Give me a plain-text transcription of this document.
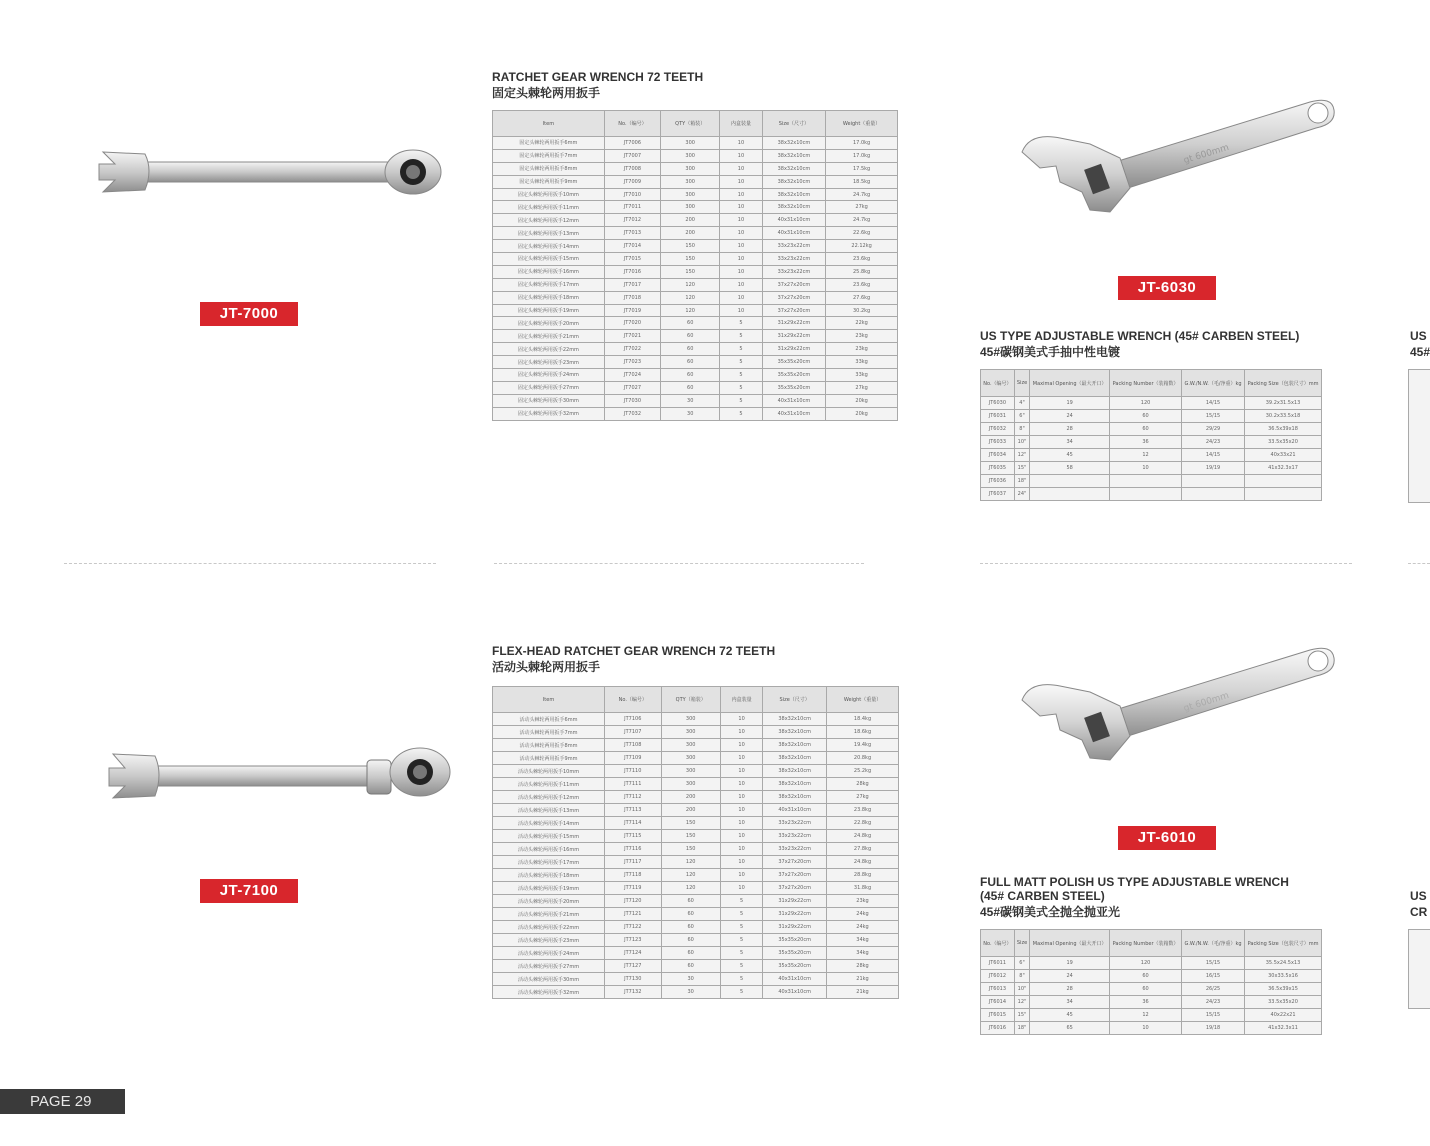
JT-7000
RATCHET GEAR WRENCH 72 TEETH
固定头棘轮两用扳手
Item	No.（编号）	QTY（箱装）	内盒装量	Size（尺寸）	Weight（重量）
固定头棘轮两用扳手6mm	JT7006	300	10	38x32x10cm	17.0kg
固定头棘轮两用扳手7mm	JT7007	300	10	38x32x10cm	17.0kg
固定头棘轮两用扳手8mm	JT7008	300	10	38x32x10cm	17.5kg
固定头棘轮两用扳手9mm	JT7009	300	10	38x32x10cm	18.5kg
固定头棘轮两用扳手10mm	JT7010	300	10	38x32x10cm	24.7kg
固定头棘轮两用扳手11mm	JT7011	300	10	38x32x10cm	27kg
固定头棘轮两用扳手12mm	JT7012	200	10	40x31x10cm	24.7kg
固定头棘轮两用扳手13mm	JT7013	200	10	40x31x10cm	22.6kg
固定头棘轮两用扳手14mm	JT7014	150	10	33x23x22cm	22.12kg
固定头棘轮两用扳手15mm	JT7015	150	10	33x23x22cm	23.6kg
固定头棘轮两用扳手16mm	JT7016	150	10	33x23x22cm	25.8kg
固定头棘轮两用扳手17mm	JT7017	120	10	37x27x20cm	23.6kg
固定头棘轮两用扳手18mm	JT7018	120	10	37x27x20cm	27.6kg
固定头棘轮两用扳手19mm	JT7019	120	10	37x27x20cm	30.2kg
固定头棘轮两用扳手20mm	JT7020	60	5	31x29x22cm	22kg
固定头棘轮两用扳手21mm	JT7021	60	5	31x29x22cm	23kg
固定头棘轮两用扳手22mm	JT7022	60	5	31x29x22cm	23kg
固定头棘轮两用扳手23mm	JT7023	60	5	35x35x20cm	33kg
固定头棘轮两用扳手24mm	JT7024	60	5	35x35x20cm	33kg
固定头棘轮两用扳手27mm	JT7027	60	5	35x35x20cm	27kg
固定头棘轮两用扳手30mm	JT7030	30	5	40x31x10cm	20kg
固定头棘轮两用扳手32mm	JT7032	30	5	40x31x10cm	20kg
gt 600mm
JT-6030
US TYPE ADJUSTABLE WRENCH (45# CARBEN STEEL)
45#碳钢美式手抽中性电镀
No.（编号）	Size	Maximal Opening（最大开口）	Packing Number（装箱数）	G.W./N.W.（毛/净重）kg	Packing Size（包装尺寸）mm
JT6030	4"	19	120	14/15	39.2x31.5x13
JT6031	6"	24	60	15/15	30.2x33.5x18
JT6032	8"	28	60	29/29	36.5x39x18
JT6033	10"	34	36	24/23	33.5x35x20
JT6034	12"	45	12	14/15	40x33x21
JT6035	15"	58	10	19/19	41x32.3x17
JT6036	18"				
JT6037	24"				
US
45#
JT-7100
FLEX-HEAD RATCHET GEAR WRENCH 72 TEETH
活动头棘轮两用扳手
Item	No.（编号）	QTY（箱装）	内盒装量	Size（尺寸）	Weight（重量）
活动头棘轮两用扳手6mm	JT7106	300	10	38x32x10cm	18.4kg
活动头棘轮两用扳手7mm	JT7107	300	10	38x32x10cm	18.6kg
活动头棘轮两用扳手8mm	JT7108	300	10	38x32x10cm	19.4kg
活动头棘轮两用扳手9mm	JT7109	300	10	38x32x10cm	20.8kg
活动头棘轮两用扳手10mm	JT7110	300	10	38x32x10cm	25.2kg
活动头棘轮两用扳手11mm	JT7111	300	10	38x32x10cm	28kg
活动头棘轮两用扳手12mm	JT7112	200	10	38x32x10cm	27kg
活动头棘轮两用扳手13mm	JT7113	200	10	40x31x10cm	23.8kg
活动头棘轮两用扳手14mm	JT7114	150	10	33x23x22cm	22.8kg
活动头棘轮两用扳手15mm	JT7115	150	10	33x23x22cm	24.8kg
活动头棘轮两用扳手16mm	JT7116	150	10	33x23x22cm	27.8kg
活动头棘轮两用扳手17mm	JT7117	120	10	37x27x20cm	24.8kg
活动头棘轮两用扳手18mm	JT7118	120	10	37x27x20cm	28.8kg
活动头棘轮两用扳手19mm	JT7119	120	10	37x27x20cm	31.8kg
活动头棘轮两用扳手20mm	JT7120	60	5	31x29x22cm	23kg
活动头棘轮两用扳手21mm	JT7121	60	5	31x29x22cm	24kg
活动头棘轮两用扳手22mm	JT7122	60	5	31x29x22cm	24kg
活动头棘轮两用扳手23mm	JT7123	60	5	35x35x20cm	34kg
活动头棘轮两用扳手24mm	JT7124	60	5	35x35x20cm	34kg
活动头棘轮两用扳手27mm	JT7127	60	5	35x35x20cm	28kg
活动头棘轮两用扳手30mm	JT7130	30	5	40x31x10cm	21kg
活动头棘轮两用扳手32mm	JT7132	30	5	40x31x10cm	21kg
gt 600mm
JT-6010
FULL MATT POLISH US TYPE ADJUSTABLE WRENCH
(45# CARBEN STEEL)
45#碳钢美式全抛全抛亚光
No.（编号）	Size	Maximal Opening（最大开口）	Packing Number（装箱数）	G.W./N.W.（毛/净重）kg	Packing Size（包装尺寸）mm
JT6011	6"	19	120	15/15	35.5x24.5x13
JT6012	8"	24	60	16/15	30x33.5x16
JT6013	10"	28	60	26/25	36.5x39x15
JT6014	12"	34	36	24/23	33.5x35x20
JT6015	15"	45	12	15/15	40x22x21
JT6016	18"	65	10	19/18	41x32.3x11
US
CR
PAGE 29
